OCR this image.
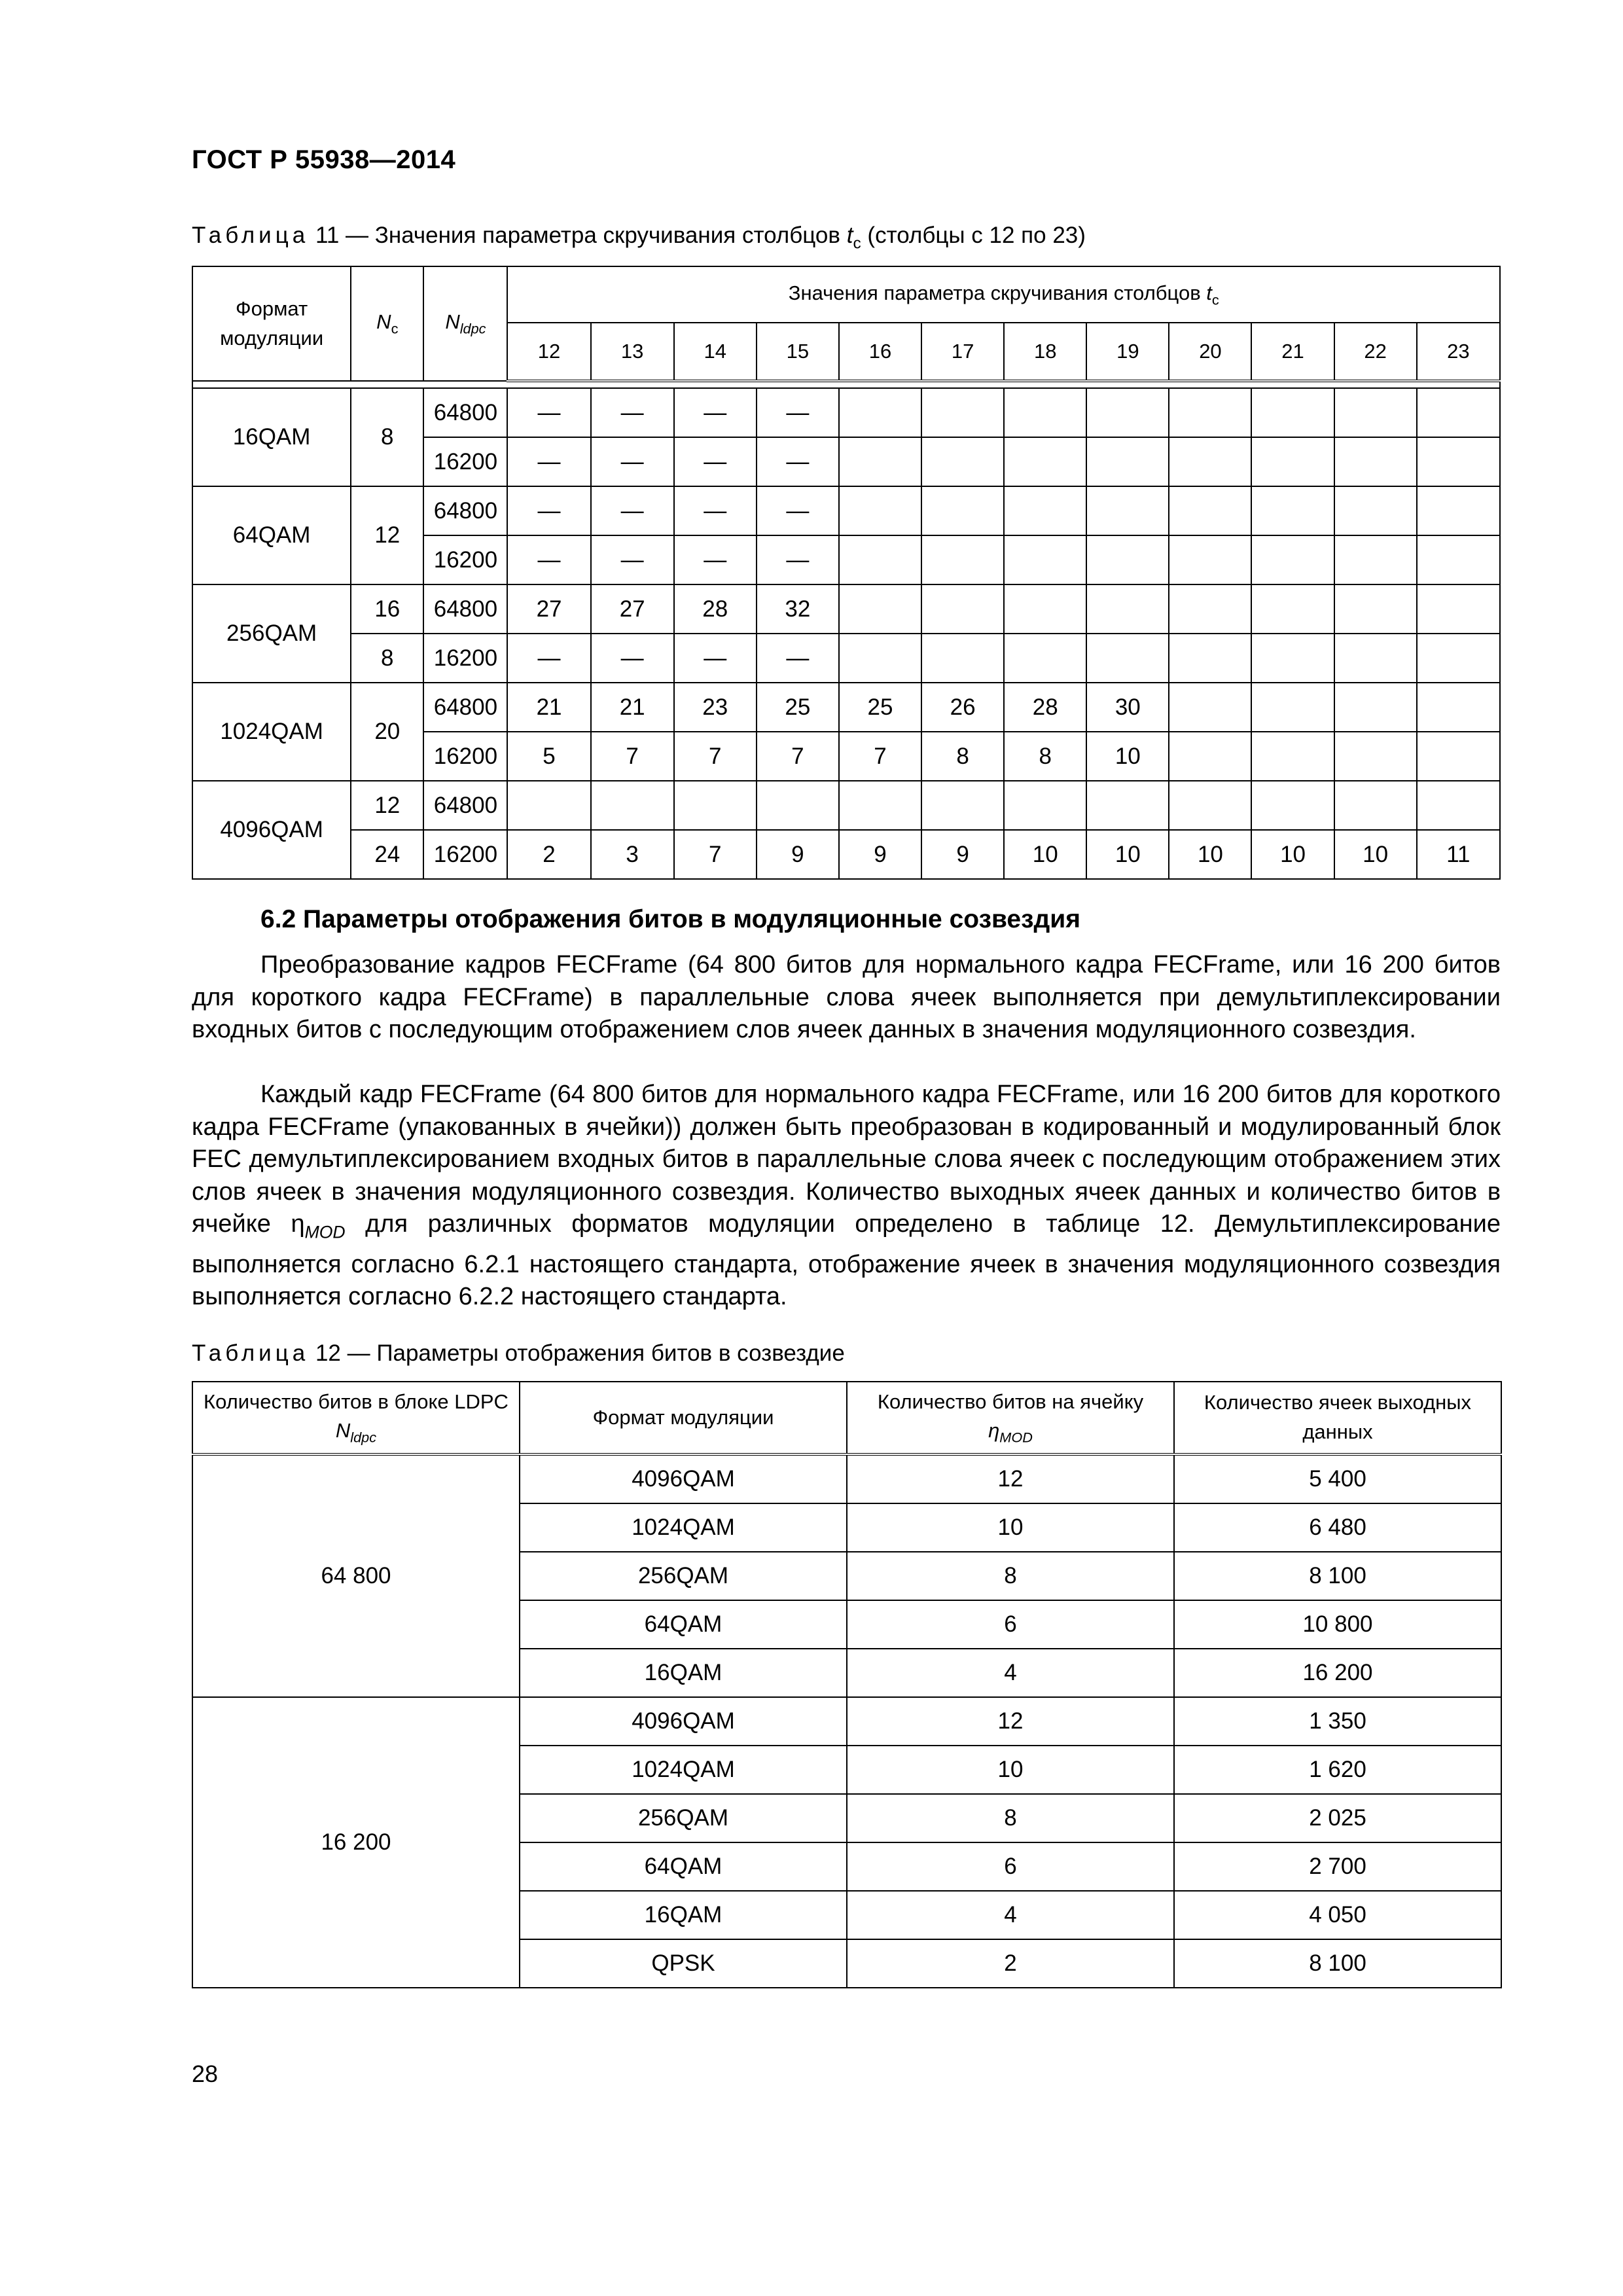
ГОСТ Р 55938—2014
Таблица 11 — Значения параметра скручивания столбцов $t_c$ (столбцы с 12 по 23)
Формат модуляции	$N_c$	$N_{ldpc}$	Значения параметра скручивания столбцов $t_c$
			12	13	14	15	16	17	18	19	20	21	22	23

16QAM	8	64800	—	—	—	—								
		16200	—	—	—	—								
64QAM	12	64800	—	—	—	—								
		16200	—	—	—	—								
256QAM	16	64800	27	27	28	32								
	8	16200	—	—	—	—								
1024QAM	20	64800	21	21	23	25	25	26	28	30				
		16200	5	7	7	7	7	8	8	10				
4096QAM	12	64800												
	24	16200	2	3	7	9	9	9	10	10	10	10	10	11
6.2 Параметры отображения битов в модуляционные созвездия
Преобразование кадров FECFrame (64 800 битов для нормального кадра FECFrame, или 16 200 битов для короткого кадра FECFrame) в параллельные слова ячеек выполняется при демультиплексировании входных битов с последующим отображением слов ячеек данных в значения модуляционного созвездия.
Каждый кадр FECFrame (64 800 битов для нормального кадра FECFrame, или 16 200 битов для короткого кадра FECFrame (упакованных в ячейки)) должен быть преобразован в кодированный и модулированный блок FEC демультиплексированием входных битов в параллельные слова ячеек с последующим отображением этих слов ячеек в значения модуляционного созвездия. Количество выходных ячеек данных и количество битов в ячейке $\eta_{MOD}$ для различных форматов модуляции определено в таблице 12. Демультиплексирование выполняется согласно 6.2.1 настоящего стандарта, отображение ячеек в значения модуляционного созвездия выполняется согласно 6.2.2 настоящего стандарта.
Таблица 12 — Параметры отображения битов в созвездие
Количество битов в блоке LDPC $N_{ldpc}$	Формат модуляции	Количество битов на ячейку
$\eta_{MOD}$	Количество ячеек выходных данных
64 800	4096QAM	12	5 400
	1024QAM	10	6 480
	256QAM	8	8 100
	64QAM	6	10 800
	16QAM	4	16 200
16 200	4096QAM	12	1 350
	1024QAM	10	1 620
	256QAM	8	2 025
	64QAM	6	2 700
	16QAM	4	4 050
	QPSK	2	8 100
28
